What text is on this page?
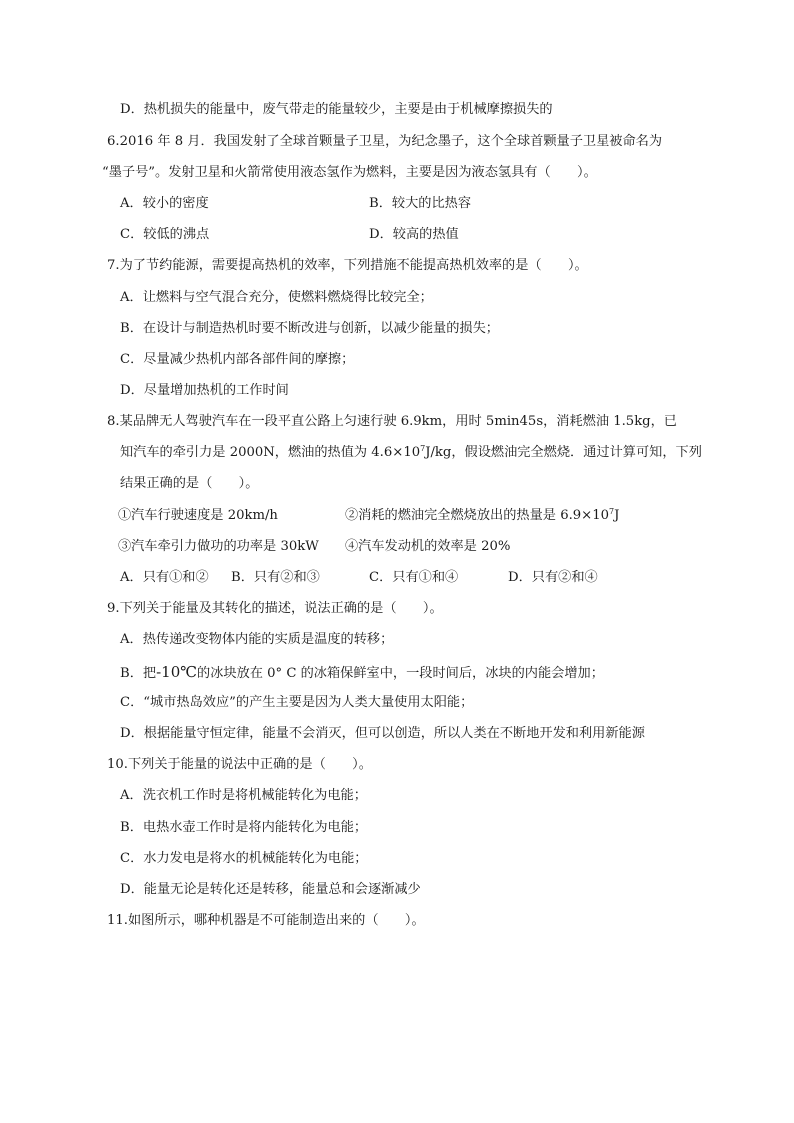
D．热机损失的能量中，废气带走的能量较少，主要是由于机械摩擦损失的
6.2016 年 8 月．我国发射了全球首颗量子卫星，为纪念墨子，这个全球首颗量子卫星被命名为
“墨子号”。发射卫星和火箭常使用液态氢作为燃料，主要是因为液态氢具有（　　）。
A．较小的密度	B．较大的比热容
C．较低的沸点	D．较高的热值
7.为了节约能源，需要提高热机的效率，下列措施不能提高热机效率的是（　　）。
A．让燃料与空气混合充分，使燃料燃烧得比较完全；
B．在设计与制造热机时要不断改进与创新，以减少能量的损失；
C．尽量减少热机内部各部件间的摩擦；
D．尽量增加热机的工作时间
8.某品牌无人驾驶汽车在一段平直公路上匀速行驶 6.9km，用时 5min45s，消耗燃油 1.5kg，已
知汽车的牵引力是 2000N，燃油的热值为 $4.6\times 10^7J/kg$，假设燃油完全燃烧．通过计算可知，下列
结果正确的是（　　）。
①汽车行驶速度是 20km/h	②消耗的燃油完全燃烧放出的热量是 $6.9\times 10^7J$
③汽车牵引力做功的功率是 30kW ④汽车发动机的效率是 20%
A．只有①和② B．只有②和③	C．只有①和④	D．只有②和④
9.下列关于能量及其转化的描述，说法正确的是（　　）。
A．热传递改变物体内能的实质是温度的转移；
B．把-10℃的冰块放在 0° C 的冰箱保鲜室中，一段时间后，冰块的内能会增加；
C．“城市热岛效应”的产生主要是因为人类大量使用太阳能；
D．根据能量守恒定律，能量不会消灭，但可以创造，所以人类在不断地开发和利用新能源
10.下列关于能量的说法中正确的是（　　）。
A．洗衣机工作时是将机械能转化为电能；
B．电热水壶工作时是将内能转化为电能；
C．水力发电是将水的机械能转化为电能；
D．能量无论是转化还是转移，能量总和会逐渐减少
11.如图所示，哪种机器是不可能制造出来的（　　）。
